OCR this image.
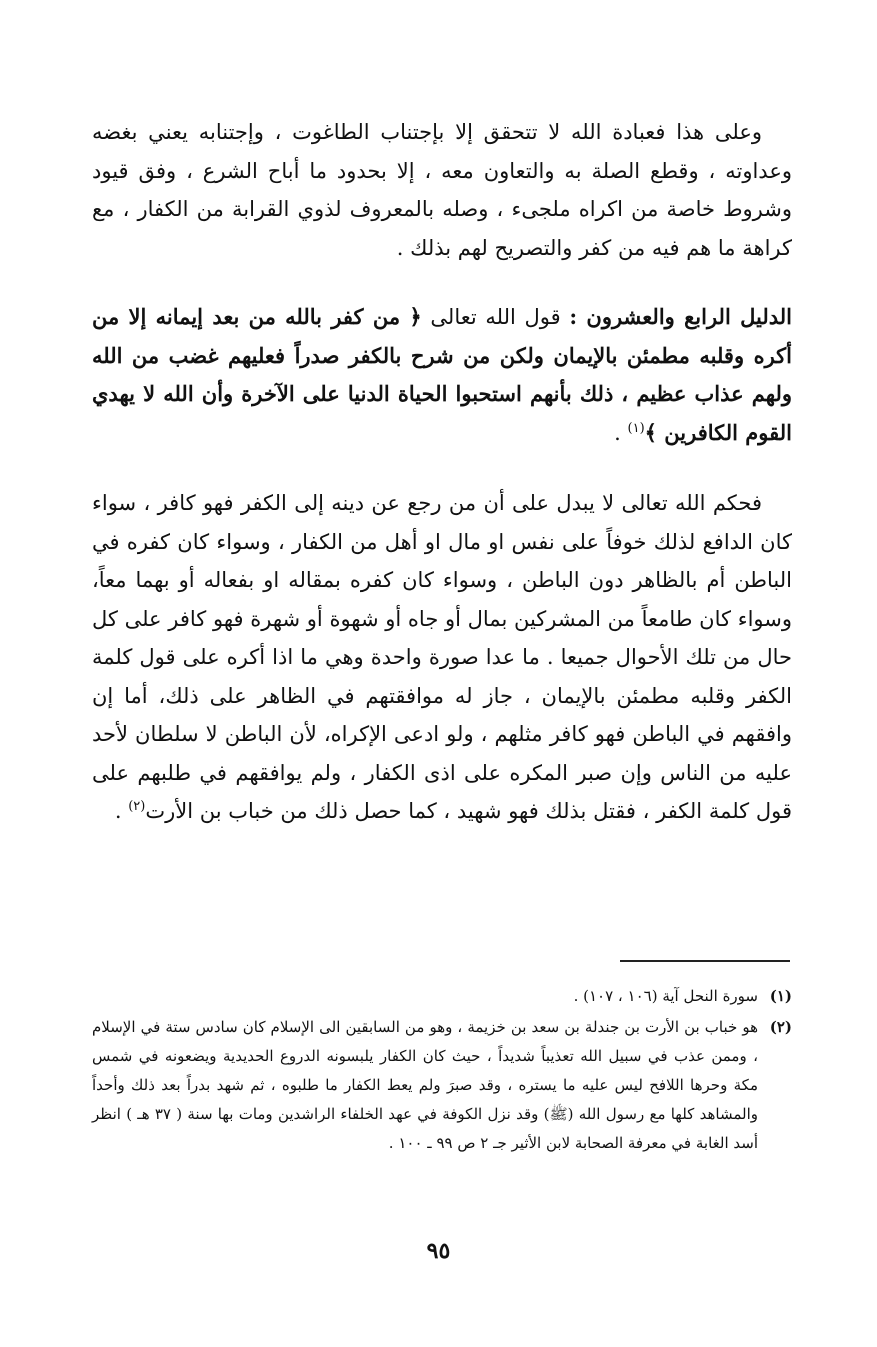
وعلى هذا فعبادة الله لا تتحقق إلا بإجتناب الطاغوت ، وإجتنابه يعني بغضه وعداوته ، وقطع الصلة به والتعاون معه ، إلا بحدود ما أباح الشرع ، وفق قيود وشروط خاصة من اكراه ملجىء ، وصله بالمعروف لذوي القرابة من الكفار ، مع كراهة ما هم فيه من كفر والتصريح لهم بذلك .

الدليل الرابع والعشرون : قول الله تعالى ﴿ من كفر بالله من بعد إيمانه إلا من أكره وقلبه مطمئن بالإيمان ولكن من شرح بالكفر صدراً فعليهم غضب من الله ولهم عذاب عظيم ، ذلك بأنهم استحبوا الحياة الدنيا على الآخرة وأن الله لا يهدي القوم الكافرين ﴾$^{(١)}$ .

فحكم الله تعالى لا يبدل على أن من رجع عن دينه إلى الكفر فهو كافر ، سواء كان الدافع لذلك خوفاً على نفس او مال او أهل من الكفار ، وسواء كان كفره في الباطن أم بالظاهر دون الباطن ، وسواء كان كفره بمقاله او بفعاله أو بهما معاً، وسواء كان طامعاً من المشركين بمال أو جاه أو شهوة أو شهرة فهو كافر على كل حال من تلك الأحوال جميعا . ما عدا صورة واحدة وهي ما اذا أكره على قول كلمة الكفر وقلبه مطمئن بالإيمان ، جاز له موافقتهم في الظاهر على ذلك، أما إن وافقهم في الباطن فهو كافر مثلهم ، ولو ادعى الإكراه، لأن الباطن لا سلطان لأحد عليه من الناس وإن صبر المكره على اذى الكفار ، ولم يوافقهم في طلبهم على قول كلمة الكفر ، فقتل بذلك فهو شهيد ، كما حصل ذلك من خباب بن الأرت$^{(٢)}$ .

(١)
سورة النحل آية (١٠٦ ، ١٠٧) .
(٢)
هو خباب بن الأرت بن جندلة بن سعد بن خزيمة ، وهو من السابقين الى الإسلام كان سادس ستة في الإسلام ، وممن عذب في سبيل الله تعذيباً شديداً ، حيث كان الكفار يلبسونه الدروع الحديدية ويضعونه في شمس مكة وحرها اللافح ليس عليه ما يستره ، وقد صبرَ ولم يعط الكفار ما طلبوه ، ثم شهد بدراً بعد ذلك وأحداً والمشاهد كلها مع رسول الله (ﷺ) وقد نزل الكوفة في عهد الخلفاء الراشدين ومات بها سنة ( ٣٧ هـ ) انظر أسد الغابة في معرفة الصحابة لابن الأثير جـ ٢ ص ٩٩ ـ ١٠٠ .
٩٥
